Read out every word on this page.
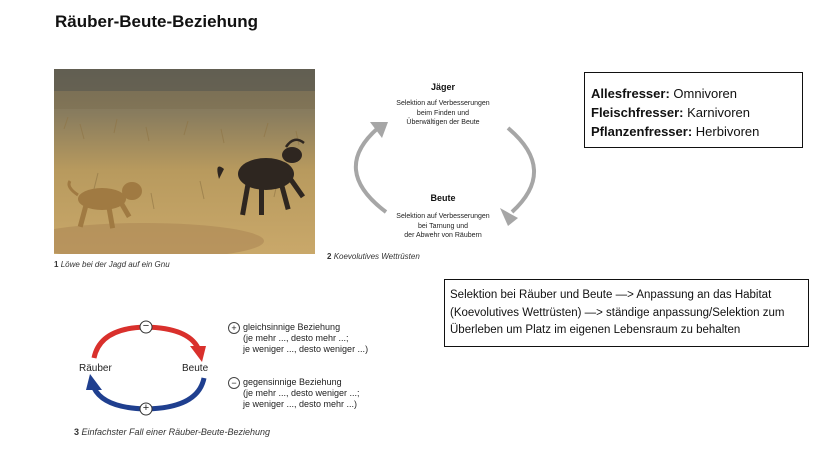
Räuber-Beute-Beziehung
1 Löwe bei der Jagd auf ein Gnu
Jäger
Selektion auf Verbesserungen
beim Finden und
Überwältigen der Beute
Beute
Selektion auf Verbesserungen
bei Tarnung und
der Abwehr von Räubern
2 Koevolutives Wettrüsten
Allesfresser: Omnivoren
Fleischfresser: Karnivoren
Pflanzenfresser: Herbivoren
Selektion bei Räuber und Beute —> Anpassung an das Habitat
(Koevolutives Wettrüsten) —> ständige anpassung/Selektion zum
Überleben um Platz im eigenen Lebensraum zu behalten
−
+
Räuber	Beute
3 Einfachster Fall einer Räuber-Beute-Beziehung
+ gleichsinnige Beziehung
(je mehr ..., desto mehr ...;
je weniger ..., desto weniger ...)
− gegensinnige Beziehung
(je mehr ..., desto weniger ...;
je weniger ..., desto mehr ...)
